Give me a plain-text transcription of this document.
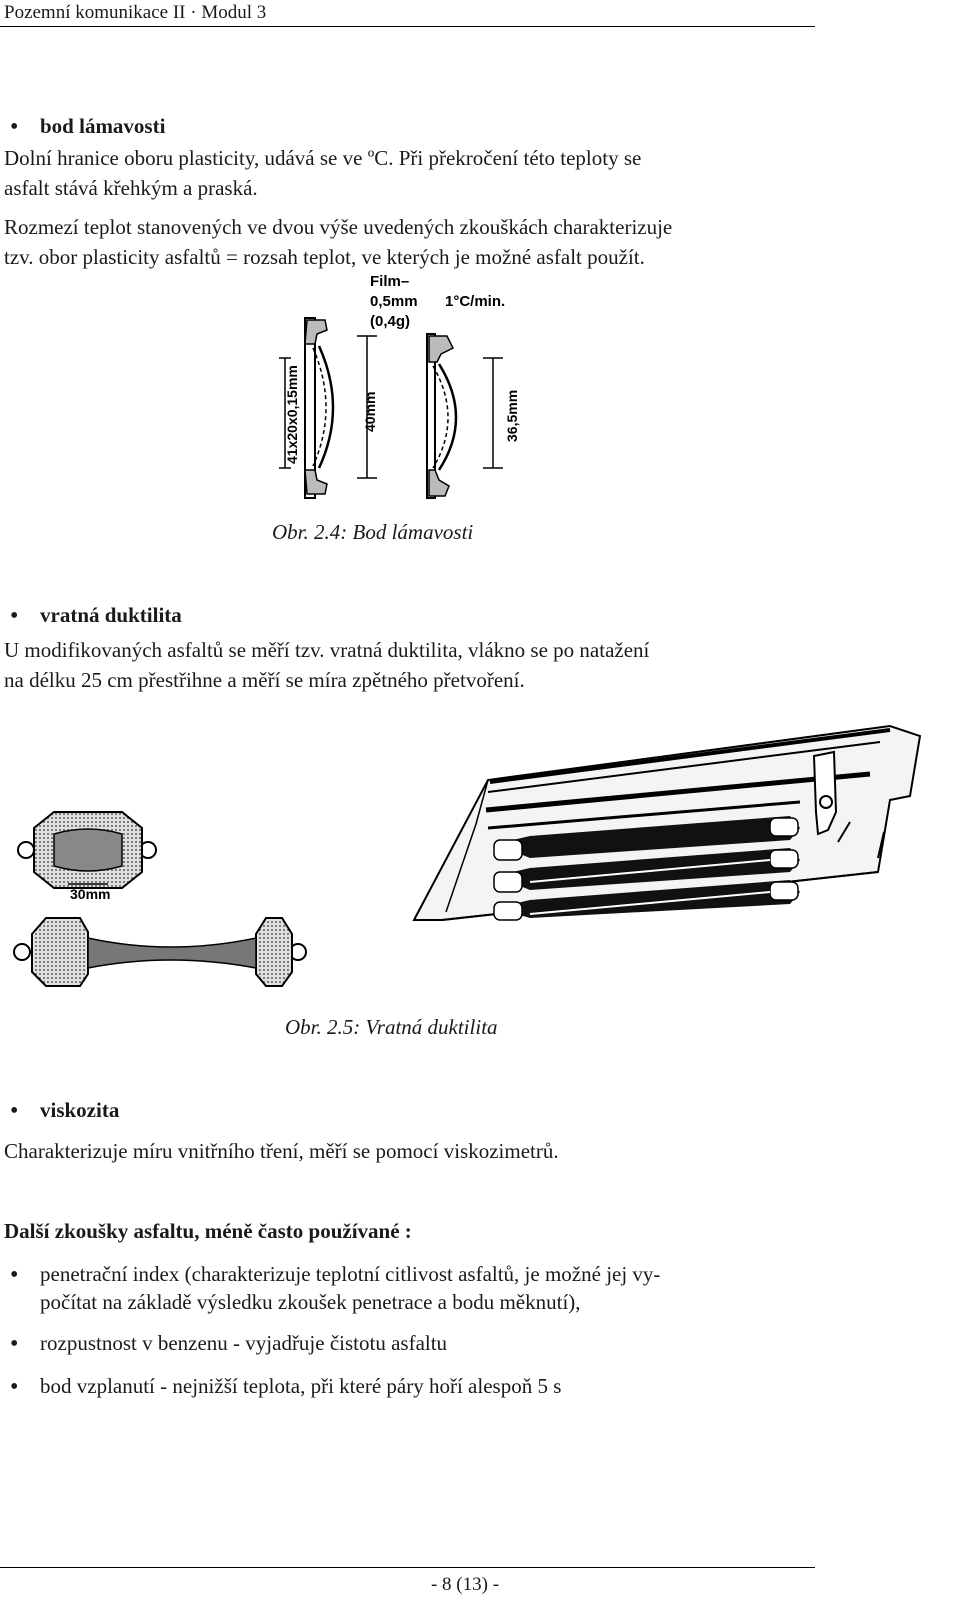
Pozemní komunikace II · Modul 3
• bod lámavosti
Dolní hranice oboru plasticity, udává se ve ºC. Při překročení této teploty se
asfalt stává křehkým a praská.
Rozmezí teplot stanovených ve dvou výše uvedených zkouškách charakterizuje
tzv. obor plasticity asfaltů = rozsah teplot, ve kterých je možné asfalt použít.
Film–
0,5mm
(0,4g)
1°C/min.
41x20x0,15mm	40mm	36,5mm
Obr. 2.4: Bod lámavosti
• vratná duktilita
U modifikovaných asfaltů se měří tzv. vratná duktilita, vlákno se po natažení
na délku 25 cm přestřihne a měří se míra zpětného přetvoření.
30mm
Obr. 2.5: Vratná duktilita
• viskozita
Charakterizuje míru vnitřního tření, měří se pomocí viskozimetrů.
Další zkoušky asfaltu, méně často používané :
• penetrační index (charakterizuje teplotní citlivost asfaltů, je možné jej vy-
počítat na základě výsledku zkoušek penetrace a bodu měknutí),
• rozpustnost v benzenu - vyjadřuje čistotu asfaltu
• bod vzplanutí - nejnižší teplota, při které páry hoří alespoň 5 s
- 8 (13) -
